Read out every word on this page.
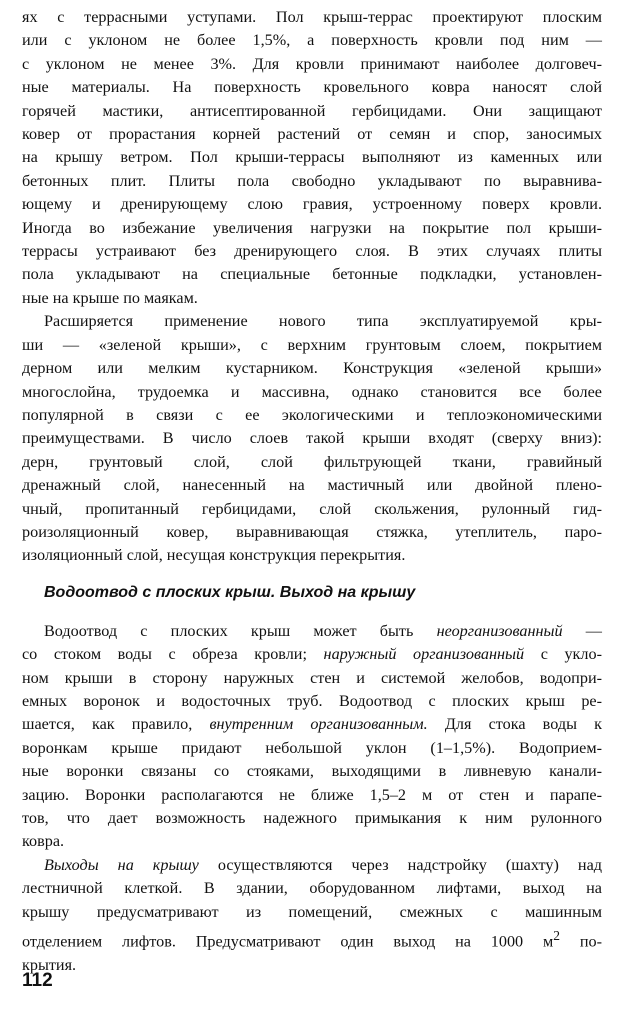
ях с террасными уступами. Пол крыш-террас проектируют плоским
или с уклоном не более 1,5%, а поверхность кровли под ним —
с уклоном не менее 3%. Для кровли принимают наиболее долговеч-
ные материалы. На поверхность кровельного ковра наносят слой
горячей мастики, антисептированной гербицидами. Они защищают
ковер от прорастания корней растений от семян и спор, заносимых
на крышу ветром. Пол крыши-террасы выполняют из каменных или
бетонных плит. Плиты пола свободно укладывают по выравнива-
ющему и дренирующему слою гравия, устроенному поверх кровли.
Иногда во избежание увеличения нагрузки на покрытие пол крыши-
террасы устраивают без дренирующего слоя. В этих случаях плиты
пола укладывают на специальные бетонные подкладки, установлен-
ные на крыше по маякам.

Расширяется применение нового типа эксплуатируемой кры-
ши — «зеленой крыши», с верхним грунтовым слоем, покрытием
дерном или мелким кустарником. Конструкция «зеленой крыши»
многослойна, трудоемка и массивна, однако становится все более
популярной в связи с ее экологическими и теплоэкономическими
преимуществами. В число слоев такой крыши входят (сверху вниз):
дерн, грунтовый слой, слой фильтрующей ткани, гравийный
дренажный слой, нанесенный на мастичный или двойной плено-
чный, пропитанный гербицидами, слой скольжения, рулонный гид-
роизоляционный ковер, выравнивающая стяжка, утеплитель, паро-
изоляционный слой, несущая конструкция перекрытия.

Водоотвод с плоских крыш. Выход на крышу

Водоотвод с плоских крыш может быть неорганизованный —
со стоком воды с обреза кровли; наружный организованный с укло-
ном крыши в сторону наружных стен и системой желобов, водопри-
емных воронок и водосточных труб. Водоотвод с плоских крыш ре-
шается, как правило, внутренним организованным. Для стока воды к
воронкам крыше придают небольшой уклон (1–1,5%). Водоприем-
ные воронки связаны со стояками, выходящими в ливневую канали-
зацию. Воронки располагаются не ближе 1,5–2 м от стен и парапе-
тов, что дает возможность надежного примыкания к ним рулонного
ковра.

Выходы на крышу осуществляются через надстройку (шахту) над
лестничной клеткой. В здании, оборудованном лифтами, выход на
крышу предусматривают из помещений, смежных с машинным
отделением лифтов. Предусматривают один выход на 1000 $м^2$ по-
крытия.

112
